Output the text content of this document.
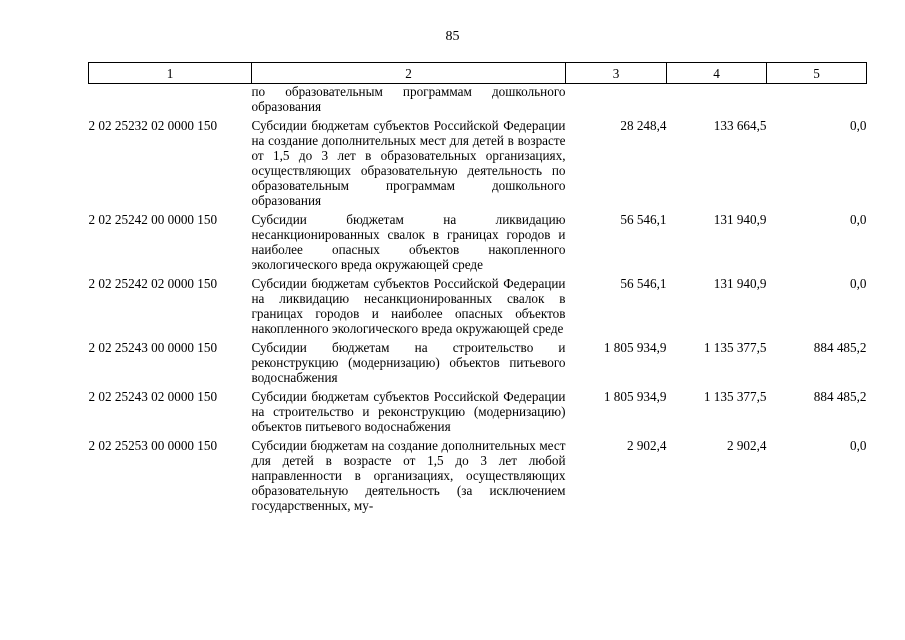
85
1	2	3	4	5
	по образовательным программам дошкольного образования			
2 02 25232 02 0000 150	Субсидии бюджетам субъектов Российской Федерации на создание дополнительных мест для детей в возрасте от 1,5 до 3 лет в образовательных организациях, осуществляющих образовательную деятельность по образовательным программам дошкольного образования	28 248,4	133 664,5	0,0
2 02 25242 00 0000 150	Субсидии бюджетам на ликвидацию несанкционированных свалок в границах городов и наиболее опасных объектов накопленного экологического вреда окружающей среде	56 546,1	131 940,9	0,0
2 02 25242 02 0000 150	Субсидии бюджетам субъектов Российской Федерации на ликвидацию несанкционированных свалок в границах городов и наиболее опасных объектов накопленного экологического вреда окружающей среде	56 546,1	131 940,9	0,0
2 02 25243 00 0000 150	Субсидии бюджетам на строительство и реконструкцию (модернизацию) объектов питьевого водоснабжения	1 805 934,9	1 135 377,5	884 485,2
2 02 25243 02 0000 150	Субсидии бюджетам субъектов Российской Федерации на строительство и реконструкцию (модернизацию) объектов питьевого водоснабжения	1 805 934,9	1 135 377,5	884 485,2
2 02 25253 00 0000 150	Субсидии бюджетам на создание дополнительных мест для детей в возрасте от 1,5 до 3 лет любой направленности в организациях, осуществляющих образовательную деятельность (за исключением государственных, му-	2 902,4	2 902,4	0,0
